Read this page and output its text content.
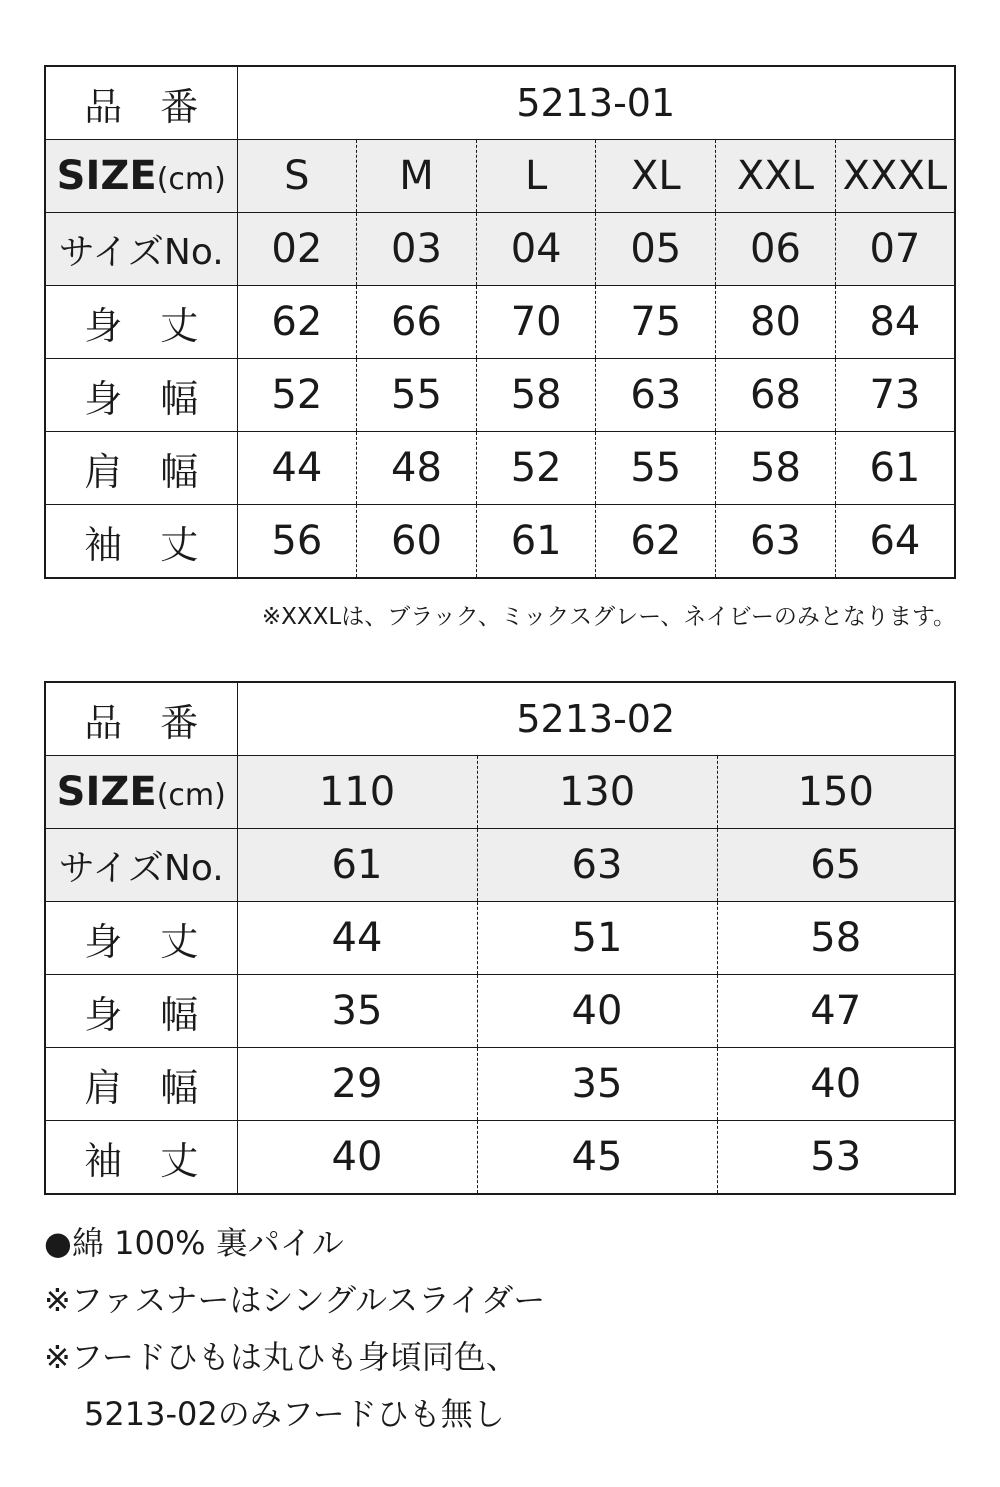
品　番	5213-01					
SIZE(cm)	S	M	L	XL	XXL	XXXL
サイズNo.	02	03	04	05	06	07
身　丈	62	66	70	75	80	84
身　幅	52	55	58	63	68	73
肩　幅	44	48	52	55	58	61
袖　丈	56	60	61	62	63	64
※XXXLは、ブラック、ミックスグレー、ネイビーのみとなります。
品　番	5213-02		
SIZE(cm)	110	130	150
サイズNo.	61	63	65
身　丈	44	51	58
身　幅	35	40	47
肩　幅	29	35	40
袖　丈	40	45	53
●綿 100% 裏パイル
※ファスナーはシングルスライダー
※フードひもは丸ひも身頃同色、
5213-02のみフードひも無し
